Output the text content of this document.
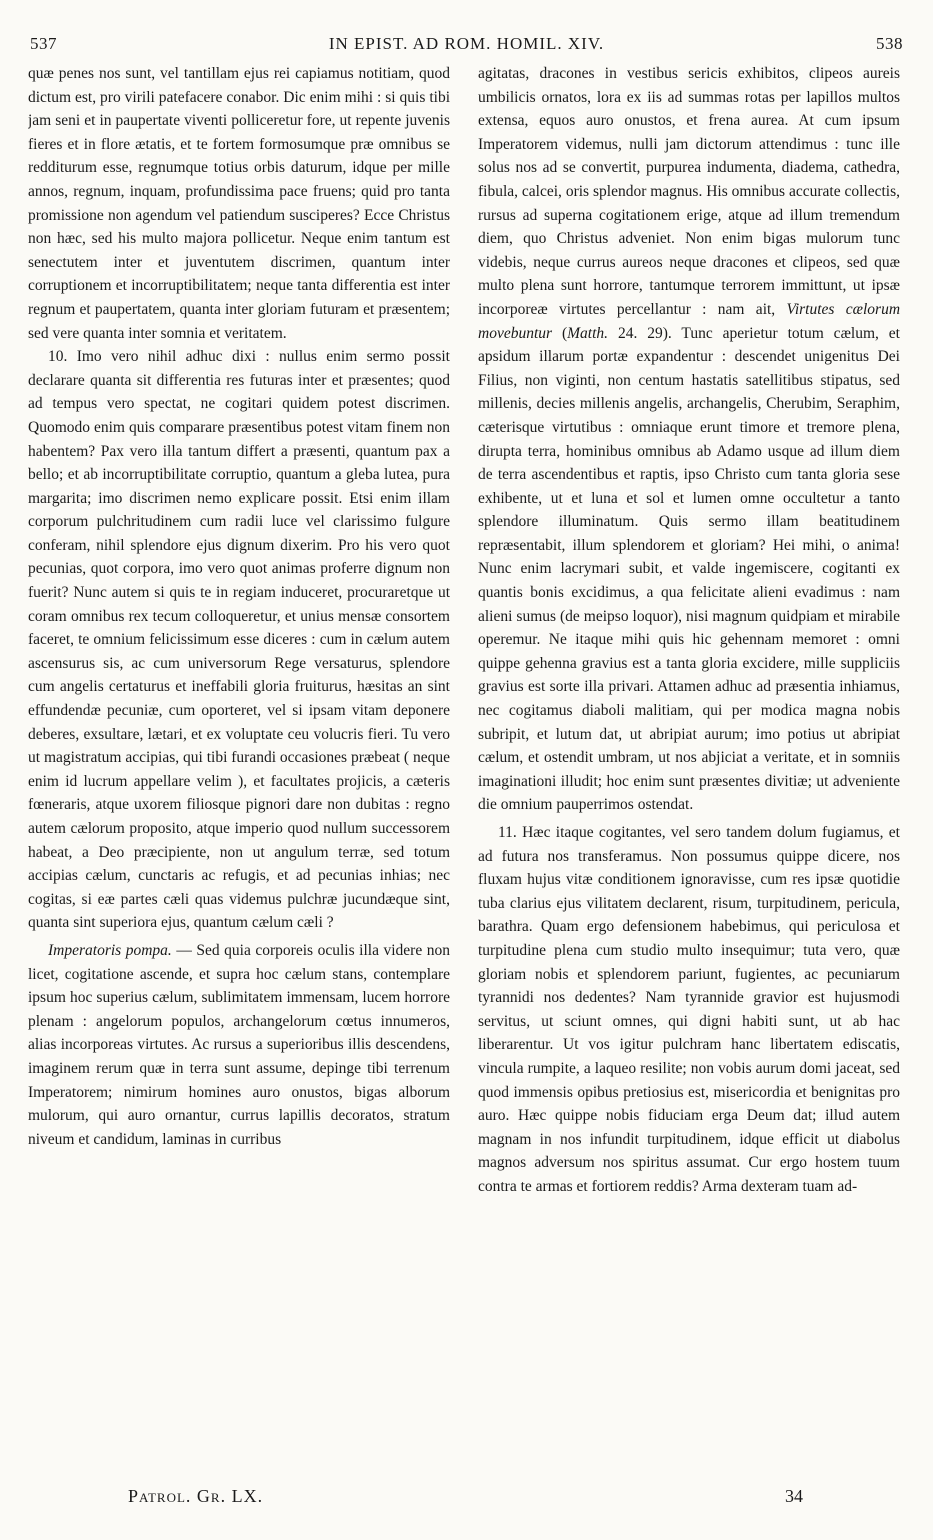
537	IN EPIST. AD ROM. HOMIL. XIV.	538

quæ penes nos sunt, vel tantillam ejus rei capiamus notitiam, quod dictum est, pro virili patefacere conabor. Dic enim mihi : si quis tibi jam seni et in paupertate viventi polliceretur fore, ut repente juvenis fieres et in flore ætatis, et te fortem formosumque præ omnibus se redditurum esse, regnumque totius orbis daturum, idque per mille annos, regnum, inquam, profundissima pace fruens; quid pro tanta promissione non agendum vel patiendum susciperes? Ecce Christus non hæc, sed his multo majora pollicetur. Neque enim tantum est senectutem inter et juventutem discrimen, quantum inter corruptionem et incorruptibilitatem; neque tanta differentia est inter regnum et paupertatem, quanta inter gloriam futuram et præsentem; sed vere quanta inter somnia et veritatem.

10. Imo vero nihil adhuc dixi : nullus enim sermo possit declarare quanta sit differentia res futuras inter et præsentes; quod ad tempus vero spectat, ne cogitari quidem potest discrimen. Quomodo enim quis comparare præsentibus potest vitam finem non habentem? Pax vero illa tantum differt a præsenti, quantum pax a bello; et ab incorruptibilitate corruptio, quantum a gleba lutea, pura margarita; imo discrimen nemo explicare possit. Etsi enim illam corporum pulchritudinem cum radii luce vel clarissimo fulgure conferam, nihil splendore ejus dignum dixerim. Pro his vero quot pecunias, quot corpora, imo vero quot animas proferre dignum non fuerit? Nunc autem si quis te in regiam induceret, procuraretque ut coram omnibus rex tecum colloqueretur, et unius mensæ consortem faceret, te omnium felicissimum esse diceres : cum in cælum autem ascensurus sis, ac cum universorum Rege versaturus, splendore cum angelis certaturus et ineffabili gloria fruiturus, hæsitas an sint effundendæ pecuniæ, cum oporteret, vel si ipsam vitam deponere deberes, exsultare, lætari, et ex voluptate ceu volucris fieri. Tu vero ut magistratum accipias, qui tibi furandi occasiones præbeat ( neque enim id lucrum appellare velim ), et facultates projicis, a cæteris fœneraris, atque uxorem filiosque pignori dare non dubitas : regno autem cælorum proposito, atque imperio quod nullum successorem habeat, a Deo præcipiente, non ut angulum terræ, sed totum accipias cælum, cunctaris ac refugis, et ad pecunias inhias; nec cogitas, si eæ partes cæli quas videmus pulchræ jucundæque sint, quanta sint superiora ejus, quantum cælum cæli ?

Imperatoris pompa. — Sed quia corporeis oculis illa videre non licet, cogitatione ascende, et supra hoc cælum stans, contemplare ipsum hoc superius cælum, sublimitatem immensam, lucem horrore plenam : angelorum populos, archangelorum cœtus innumeros, alias incorporeas virtutes. Ac rursus a superioribus illis descendens, imaginem rerum quæ in terra sunt assume, depinge tibi terrenum Imperatorem; nimirum homines auro onustos, bigas alborum mulorum, qui auro ornantur, currus lapillis decoratos, stratum niveum et candidum, laminas in curribus

agitatas, dracones in vestibus sericis exhibitos, clipeos aureis umbilicis ornatos, lora ex iis ad summas rotas per lapillos multos extensa, equos auro onustos, et frena aurea. At cum ipsum Imperatorem videmus, nulli jam dictorum attendimus : tunc ille solus nos ad se convertit, purpurea indumenta, diadema, cathedra, fibula, calcei, oris splendor magnus. His omnibus accurate collectis, rursus ad superna cogitationem erige, atque ad illum tremendum diem, quo Christus adveniet. Non enim bigas mulorum tunc videbis, neque currus aureos neque dracones et clipeos, sed quæ multo plena sunt horrore, tantumque terrorem immittunt, ut ipsæ incorporeæ virtutes percellantur : nam ait, Virtutes cælorum movebuntur (Matth. 24. 29). Tunc aperietur totum cælum, et apsidum illarum portæ expandentur : descendet unigenitus Dei Filius, non viginti, non centum hastatis satellitibus stipatus, sed millenis, decies millenis angelis, archangelis, Cherubim, Seraphim, cæterisque virtutibus : omniaque erunt timore et tremore plena, dirupta terra, hominibus omnibus ab Adamo usque ad illum diem de terra ascendentibus et raptis, ipso Christo cum tanta gloria sese exhibente, ut et luna et sol et lumen omne occultetur a tanto splendore illuminatum. Quis sermo illam beatitudinem repræsentabit, illum splendorem et gloriam? Hei mihi, o anima! Nunc enim lacrymari subit, et valde ingemiscere, cogitanti ex quantis bonis excidimus, a qua felicitate alieni evadimus : nam alieni sumus (de meipso loquor), nisi magnum quidpiam et mirabile operemur. Ne itaque mihi quis hic gehennam memoret : omni quippe gehenna gravius est a tanta gloria excidere, mille suppliciis gravius est sorte illa privari. Attamen adhuc ad præsentia inhiamus, nec cogitamus diaboli malitiam, qui per modica magna nobis subripit, et lutum dat, ut abripiat aurum; imo potius ut abripiat cælum, et ostendit umbram, ut nos abjiciat a veritate, et in somniis imaginationi illudit; hoc enim sunt præsentes divitiæ; ut adveniente die omnium pauperrimos ostendat.

11. Hæc itaque cogitantes, vel sero tandem dolum fugiamus, et ad futura nos transferamus. Non possumus quippe dicere, nos fluxam hujus vitæ conditionem ignoravisse, cum res ipsæ quotidie tuba clarius ejus vilitatem declarent, risum, turpitudinem, pericula, barathra. Quam ergo defensionem habebimus, qui periculosa et turpitudine plena cum studio multo insequimur; tuta vero, quæ gloriam nobis et splendorem pariunt, fugientes, ac pecuniarum tyrannidi nos dedentes? Nam tyrannide gravior est hujusmodi servitus, ut sciunt omnes, qui digni habiti sunt, ut ab hac liberarentur. Ut vos igitur pulchram hanc libertatem ediscatis, vincula rumpite, a laqueo resilite; non vobis aurum domi jaceat, sed quod immensis opibus pretiosius est, misericordia et benignitas pro auro. Hæc quippe nobis fiduciam erga Deum dat; illud autem magnam in nos infundit turpitudinem, idque efficit ut diabolus magnos adversum nos spiritus assumat. Cur ergo hostem tuum contra te armas et fortiorem reddis? Arma dexteram tuam ad-

Patrol. Gr. LX.	34
